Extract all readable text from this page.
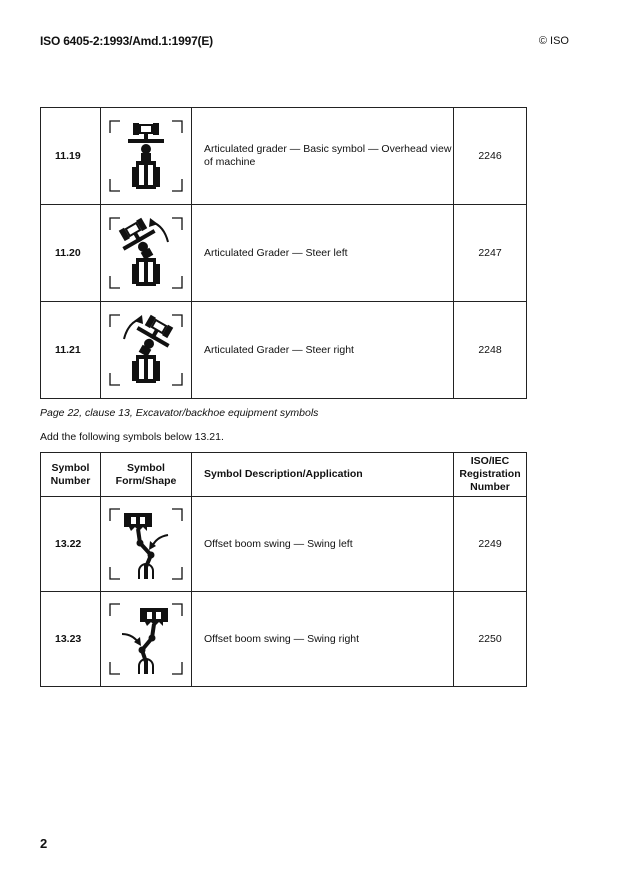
ISO 6405-2:1993/Amd.1:1997(E)	© ISO
11.19		Articulated grader — Basic symbol — Overhead view of machine	2246
11.20		Articulated Grader — Steer left	2247
11.21		Articulated Grader — Steer right	2248
Page 22, clause 13, Excavator/backhoe equipment symbols
Add the following symbols below 13.21.
Symbol Number	Symbol Form/Shape	Symbol Description/Application	ISO/IEC Registration Number
13.22		Offset boom swing — Swing left	2249
13.23		Offset boom swing — Swing right	2250
2
